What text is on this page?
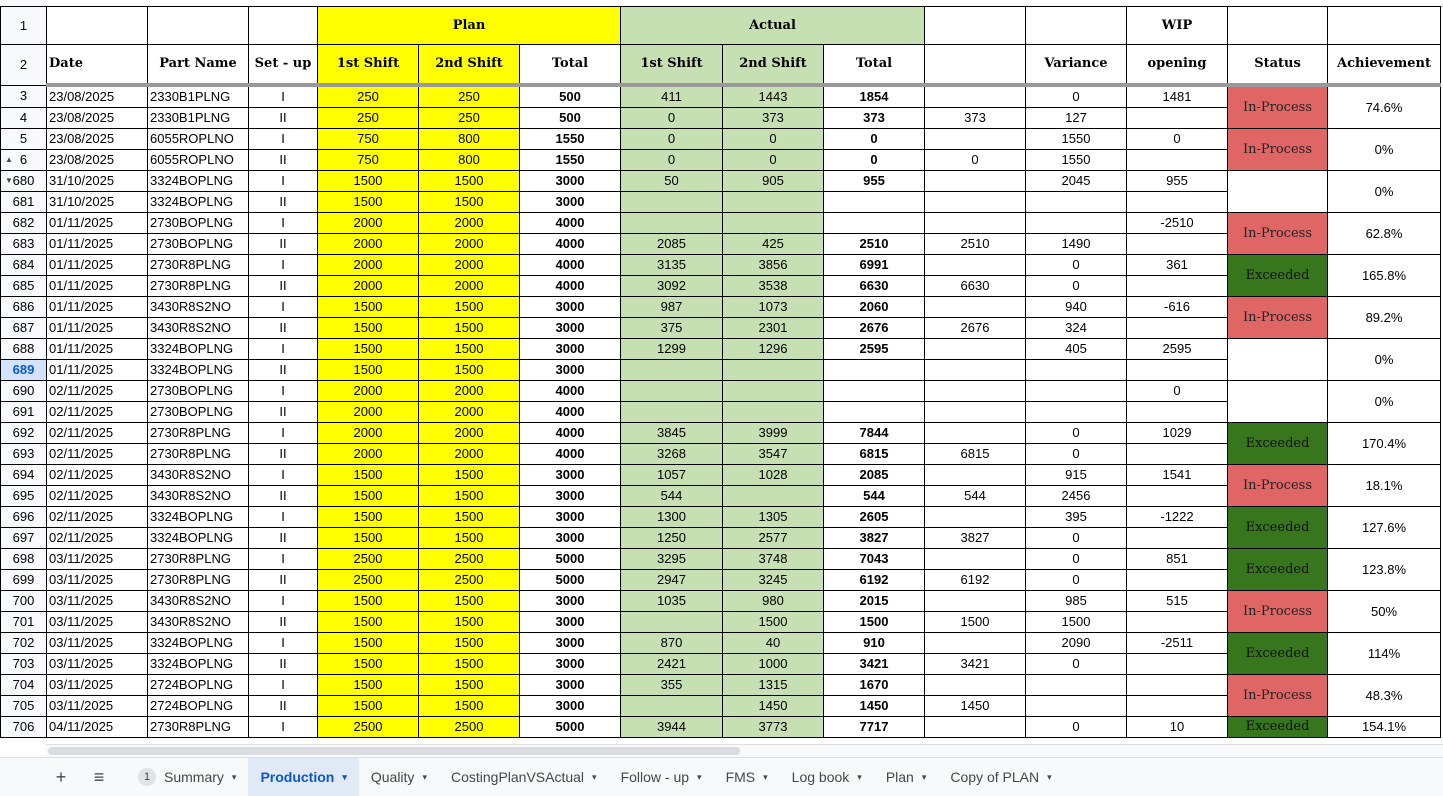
1				Plan			Actual					WIP		
2	Date	Part Name	Set - up	1st Shift	2nd Shift	Total	1st Shift	2nd Shift	Total		Variance	opening	Status	Achievement
3	23/08/2025	2330B1PLNG	I	250	250	500	411	1443	1854		0	1481	In-Process	74.6%
4	23/08/2025	2330B1PLNG	II	250	250	500	0	373	373	373	127			
5	23/08/2025	6055ROPLNO	I	750	800	1550	0	0	0		1550	0	In-Process	0%

▲ 6	23/08/2025	6055ROPLNO	II	750	800	1550	0	0	0	0	1550			

▼ 680	31/10/2025	3324BOPLNG	I	1500	1500	3000	50	905	955		2045	955		0%
681	31/10/2025	3324BOPLNG	II	1500	1500	3000								
682	01/11/2025	2730BOPLNG	I	2000	2000	4000						-2510	In-Process	62.8%
683	01/11/2025	2730BOPLNG	II	2000	2000	4000	2085	425	2510	2510	1490			
684	01/11/2025	2730R8PLNG	I	2000	2000	4000	3135	3856	6991		0	361	Exceeded	165.8%
685	01/11/2025	2730R8PLNG	II	2000	2000	4000	3092	3538	6630	6630	0			
686	01/11/2025	3430R8S2NO	I	1500	1500	3000	987	1073	2060		940	-616	In-Process	89.2%
687	01/11/2025	3430R8S2NO	II	1500	1500	3000	375	2301	2676	2676	324			
688	01/11/2025	3324BOPLNG	I	1500	1500	3000	1299	1296	2595		405	2595		0%
689	01/11/2025	3324BOPLNG	II	1500	1500	3000								
690	02/11/2025	2730BOPLNG	I	2000	2000	4000						0		0%
691	02/11/2025	2730BOPLNG	II	2000	2000	4000								
692	02/11/2025	2730R8PLNG	I	2000	2000	4000	3845	3999	7844		0	1029	Exceeded	170.4%
693	02/11/2025	2730R8PLNG	II	2000	2000	4000	3268	3547	6815	6815	0			
694	02/11/2025	3430R8S2NO	I	1500	1500	3000	1057	1028	2085		915	1541	In-Process	18.1%
695	02/11/2025	3430R8S2NO	II	1500	1500	3000	544		544	544	2456			
696	02/11/2025	3324BOPLNG	I	1500	1500	3000	1300	1305	2605		395	-1222	Exceeded	127.6%
697	02/11/2025	3324BOPLNG	II	1500	1500	3000	1250	2577	3827	3827	0			
698	03/11/2025	2730R8PLNG	I	2500	2500	5000	3295	3748	7043		0	851	Exceeded	123.8%
699	03/11/2025	2730R8PLNG	II	2500	2500	5000	2947	3245	6192	6192	0			
700	03/11/2025	3430R8S2NO	I	1500	1500	3000	1035	980	2015		985	515	In-Process	50%
701	03/11/2025	3430R8S2NO	II	1500	1500	3000		1500	1500	1500	1500			
702	03/11/2025	3324BOPLNG	I	1500	1500	3000	870	40	910		2090	-2511	Exceeded	114%
703	03/11/2025	3324BOPLNG	II	1500	1500	3000	2421	1000	3421	3421	0			
704	03/11/2025	2724BOPLNG	I	1500	1500	3000	355	1315	1670				In-Process	48.3%
705	03/11/2025	2724BOPLNG	II	1500	1500	3000		1450	1450	1450				
706	04/11/2025	2730R8PLNG	I	2500	2500	5000	3944	3773	7717		0	10	Exceeded	154.1%
+	≡	1 Summary ▾ Production ▾ Quality ▾ CostingPlanVSActual ▾ Follow - up ▾ FMS ▾ Log book ▾ Plan ▾ Copy of PLAN ▾
